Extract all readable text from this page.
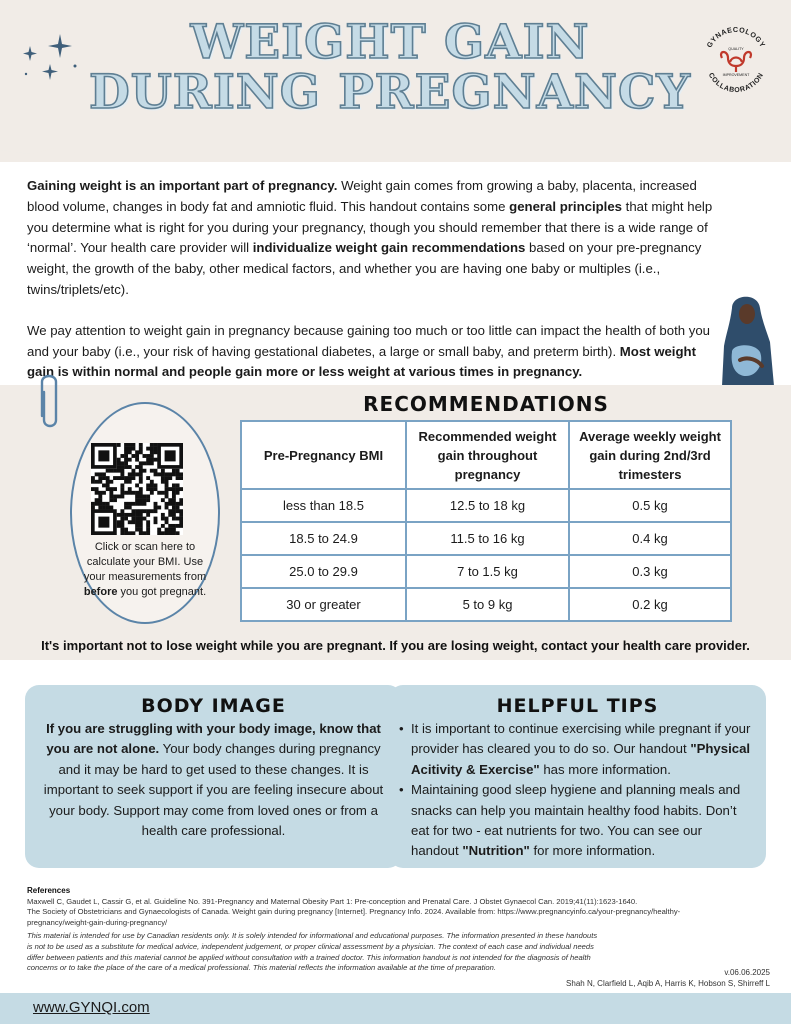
WEIGHT GAIN
DURING PREGNANCY
GYNAECOLOGY
COLLABORATION
QUALITY
IMPROVEMENT

Gaining weight is an important part of pregnancy. Weight gain comes from growing a baby, placenta, increased blood volume, changes in body fat and amniotic fluid. This handout contains some general principles that might help you determine what is right for you during your pregnancy, though you should remember that there is a wide range of ‘normal’. Your health care provider will individualize weight gain recommendations based on your pre-pregnancy weight, the growth of the baby, other medical factors, and whether you are having one baby or multiples (i.e., twins/triplets/etc).

We pay attention to weight gain in pregnancy because gaining too much or too little can impact the health of both you and your baby (i.e., your risk of having gestational diabetes, a large or small baby, and preterm birth). Most weight gain is within normal and people gain more or less weight at various times in pregnancy.

Click or scan here to calculate your BMI. Use your measurements from before you got pregnant.
RECOMMENDATIONS
Pre-Pregnancy BMI	Recommended weight gain throughout pregnancy	Average weekly weight gain during 2nd/3rd trimesters
less than 18.5	12.5 to 18 kg	0.5 kg
18.5 to 24.9	11.5 to 16 kg	0.4 kg
25.0 to 29.9	7 to 1.5 kg	0.3 kg
30 or greater	5 to 9 kg	0.2 kg
It's important not to lose weight while you are pregnant. If you are losing weight, contact your health care provider.
BODY IMAGE
If you are struggling with your body image, know that you are not alone. Your body changes during pregnancy and it may be hard to get used to these changes. It is important to seek support if you are feeling insecure about your body. Support may come from loved ones or from a health care professional.
HELPFUL TIPS
• It is important to continue exercising while pregnant if your provider has cleared you to do so. Our handout "Physical Acitivity & Exercise" has more information.
• Maintaining good sleep hygiene and planning meals and snacks can help you maintain healthy food habits. Don’t eat for two - eat nutrients for two. You can see our handout "Nutrition" for more information.
References
Maxwell C, Gaudet L, Cassir G, et al. Guideline No. 391-Pregnancy and Maternal Obesity Part 1: Pre-conception and Prenatal Care. J Obstet Gynaecol Can. 2019;41(11):1623-1640.
The Society of Obstetricians and Gynaecologists of Canada. Weight gain during pregnancy [Internet]. Pregnancy Info. 2024. Available from: https://www.pregnancyinfo.ca/your-pregnancy/healthy-pregnancy/weight-gain-during-pregnancy/
This material is intended for use by Canadian residents only. It is solely intended for informational and educational purposes. The information presented in these handouts is not to be used as a substitute for medical advice, independent judgement, or proper clinical assessment by a physician. The context of each case and individual needs differ between patients and this material cannot be applied without consultation with a trained doctor. This information handout is not intended for the diagnosis of health concerns or to take the place of the care of a medical professional. This material reflects the information available at the time of preparation.
v.06.06.2025
Shah N, Clarfield L, Aqib A, Harris K, Hobson S, Shirreff L
www.GYNQI.com
